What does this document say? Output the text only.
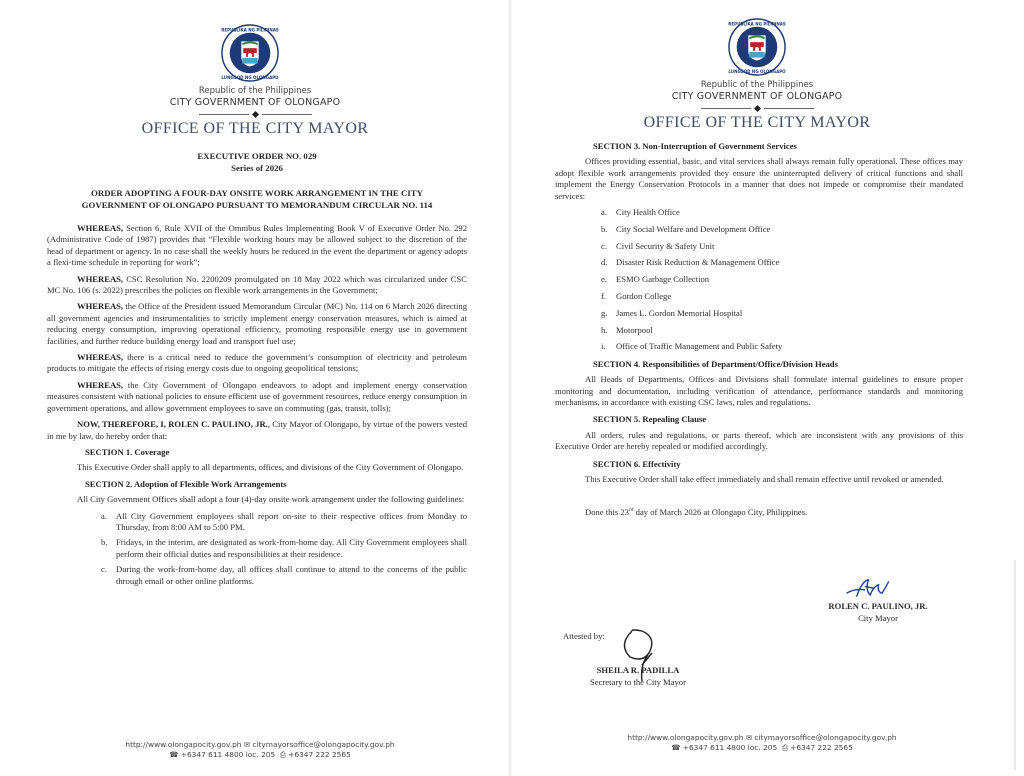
REPUBLIKA NG PILIPINAS
LUNGSOD NG OLONGAPO
Republic of the Philippines
CITY GOVERNMENT OF OLONGAPO
OFFICE OF THE CITY MAYOR
EXECUTIVE ORDER NO. 029
Series of 2026
ORDER ADOPTING A FOUR-DAY ONSITE WORK ARRANGEMENT IN THE CITY
GOVERNMENT OF OLONGAPO PURSUANT TO MEMORANDUM CIRCULAR NO. 114
WHEREAS, Section 6, Rule XVII of the Omnibus Rules Implementing Book V of Executive Order No. 292 (Administrative Code of 1987) provides that “Flexible working hours may be allowed subject to the discretion of the head of department or agency. In no case shall the weekly hours be reduced in the event the department or agency adopts a flexi-time schedule in reporting for work”;
WHEREAS, CSC Resolution No. 2200209 promulgated on 18 May 2022 which was circularized under CSC MC No. 106 (s. 2022) prescribes the policies on flexible work arrangements in the Government;
WHEREAS, the Office of the President issued Memorandum Circular (MC) No. 114 on 6 March 2026 directing all government agencies and instrumentalities to strictly implement energy conservation measures, which is aimed at reducing energy consumption, improving operational efficiency, promoting responsible energy use in government facilities, and further reduce building energy load and transport fuel use;
WHEREAS, there is a critical need to reduce the government’s consumption of electricity and petroleum products to mitigate the effects of rising energy costs due to ongoing geopolitical tensions;
WHEREAS, the City Government of Olongapo endeavors to adopt and implement energy conservation measures consistent with national policies to ensure efficient use of government resources, reduce energy consumption in government operations, and allow government employees to save on commuting (gas, transit, tolls);
NOW, THEREFORE, I, ROLEN C. PAULINO, JR., City Mayor of Olongapo, by virtue of the powers vested in me by law, do hereby order that:
SECTION 1. Coverage
This Executive Order shall apply to all departments, offices, and divisions of the City Government of Olongapo.
SECTION 2. Adoption of Flexible Work Arrangements
All City Government Offices shall adopt a four (4)-day onsite work arrangement under the following guidelines:
a. All City Government employees shall report on-site to their respective offices from Monday to Thursday, from 8:00 AM to 5:00 PM.
b. Fridays, in the interim, are designated as work-from-home day. All City Government employees shall perform their official duties and responsibilities at their residence.
c. During the work-from-home day, all offices shall continue to attend to the concerns of the public through email or other online platforms.
http://www.olongapocity.gov.ph ✉ citymayorsoffice@olongapocity.gov.ph
☎ +6347 611 4800 loc. 205 ⎙ +6347 222 2565
REPUBLIKA NG PILIPINAS
LUNGSOD NG OLONGAPO
Republic of the Philippines
CITY GOVERNMENT OF OLONGAPO
OFFICE OF THE CITY MAYOR
SECTION 3. Non-Interruption of Government Services
Offices providing essential, basic, and vital services shall always remain fully operational. These offices may adopt flexible work arrangements provided they ensure the uninterrupted delivery of critical functions and shall implement the Energy Conservation Protocols in a manner that does not impede or compromise their mandated services:
a. City Health Office
b. City Social Welfare and Development Office
c. Civil Security & Safety Unit
d. Disaster Risk Reduction & Management Office
e. ESMO Garbage Collection
f. Gordon College
g. James L. Gordon Memorial Hospital
h. Motorpool
i. Office of Traffic Management and Public Safety
SECTION 4. Responsibilities of Department/Office/Division Heads
All Heads of Departments, Offices and Divisions shall formulate internal guidelines to ensure proper monitoring and documentation, including verification of attendance, performance standards and monitoring mechanisms, in accordance with existing CSC laws, rules and regulations.
SECTION 5. Repealing Clause
All orders, rules and regulations, or parts thereof, which are inconsistent with any provisions of this Executive Order are hereby repealed or modified accordingly.
SECTION 6. Effectivity
This Executive Order shall take effect immediately and shall remain effective until revoked or amended.
Done this 23rd day of March 2026 at Olongapo City, Philippines.
ROLEN C. PAULINO, JR.
City Mayor
Attested by:
SHEILA R. PADILLA
Secretary to the City Mayor
http://www.olongapocity.gov.ph ✉ citymayorsoffice@olongapocity.gov.ph
☎ +6347 611 4800 loc. 205 ⎙ +6347 222 2565
